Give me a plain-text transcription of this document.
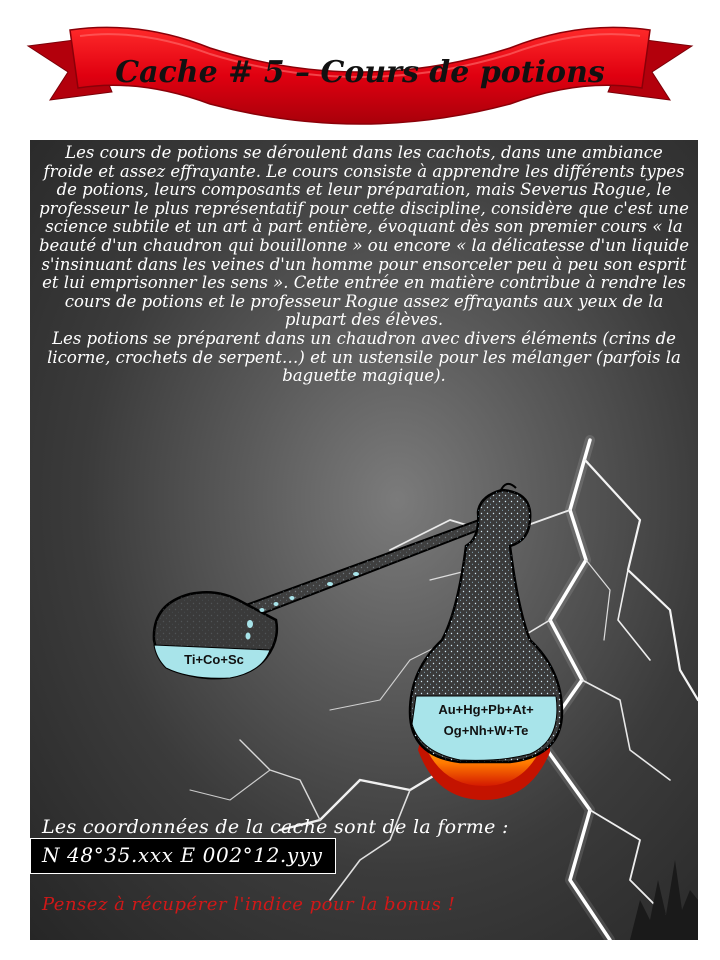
Cache # 5 – Cours de potions

Les cours de potions se déroulent dans les cachots, dans une ambiance froide et assez effrayante. Le cours consiste à apprendre les différents types de potions, leurs composants et leur préparation, mais Severus Rogue, le professeur le plus représentatif pour cette discipline, considère que c'est une science subtile et un art à part entière, évoquant dès son premier cours « la beauté d'un chaudron qui bouillonne » ou encore « la délicatesse d'un liquide s'insinuant dans les veines d'un homme pour ensorceler peu à peu son esprit et lui emprisonner les sens ». Cette entrée en matière contribue à rendre les cours de potions et le professeur Rogue assez effrayants aux yeux de la plupart des élèves.
Les potions se préparent dans un chaudron avec divers éléments (crins de licorne, crochets de serpent…) et un ustensile pour les mélanger (parfois la baguette magique).

Ti+Co+Sc
Au+Hg+Pb+At+
Og+Nh+W+Te
Les coordonnées de la cache sont de la forme :
N 48°35.xxx E 002°12.yyy
Pensez à récupérer l'indice pour la bonus !
